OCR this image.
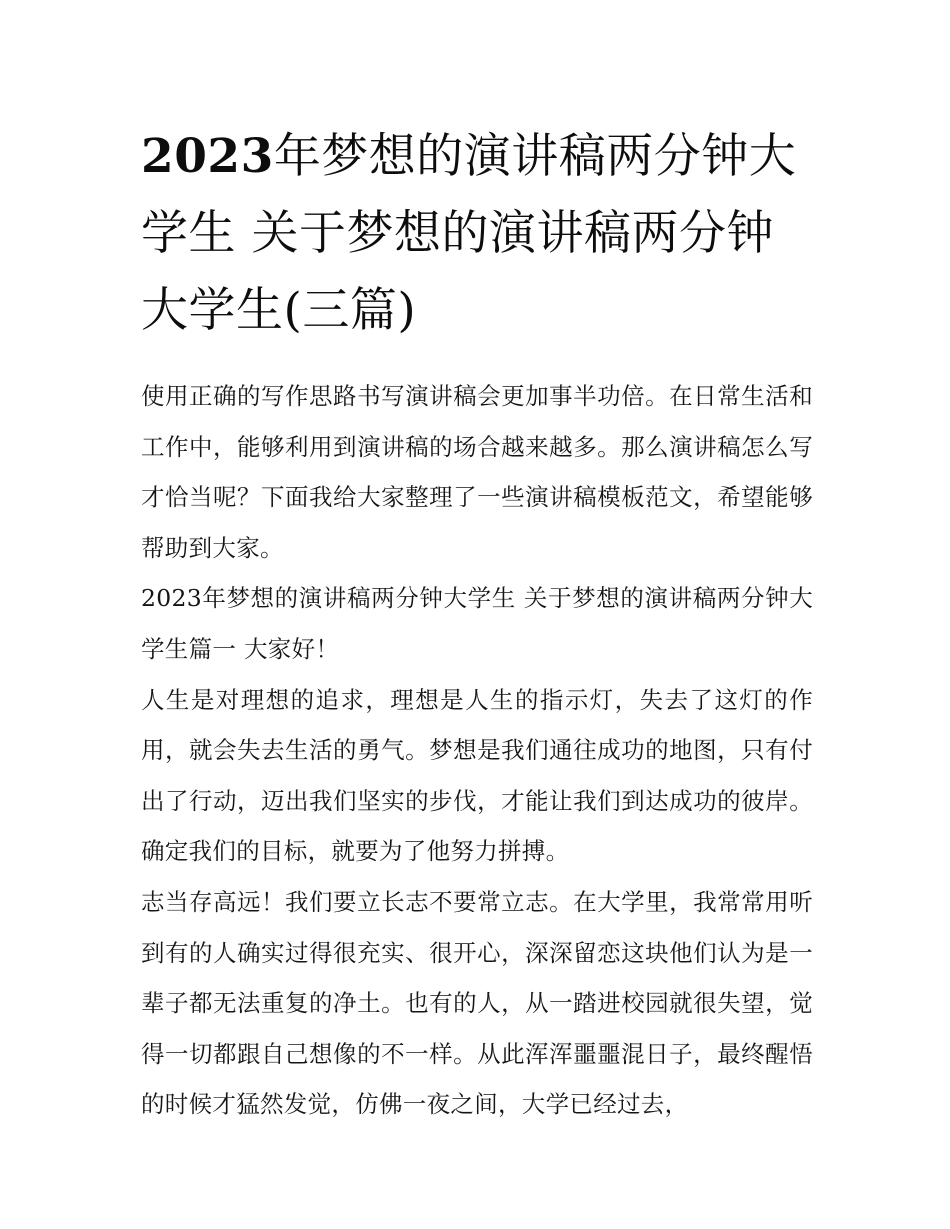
2023年梦想的演讲稿两分钟大学生 关于梦想的演讲稿两分钟大学生(三篇)

使用正确的写作思路书写演讲稿会更加事半功倍。在日常生活和工作中，能够利用到演讲稿的场合越来越多。那么演讲稿怎么写才恰当呢？下面我给大家整理了一些演讲稿模板范文，希望能够帮助到大家。

2023年梦想的演讲稿两分钟大学生 关于梦想的演讲稿两分钟大学生篇一 大家好！

人生是对理想的追求，理想是人生的指示灯，失去了这灯的作用，就会失去生活的勇气。梦想是我们通往成功的地图，只有付出了行动，迈出我们坚实的步伐，才能让我们到达成功的彼岸。确定我们的目标，就要为了他努力拼搏。

志当存高远！我们要立长志不要常立志。在大学里，我常常用听到有的人确实过得很充实、很开心，深深留恋这块他们认为是一辈子都无法重复的净土。也有的人，从一踏进校园就很失望，觉得一切都跟自己想像的不一样。从此浑浑噩噩混日子，最终醒悟的时候才猛然发觉，仿佛一夜之间，大学已经过去，
